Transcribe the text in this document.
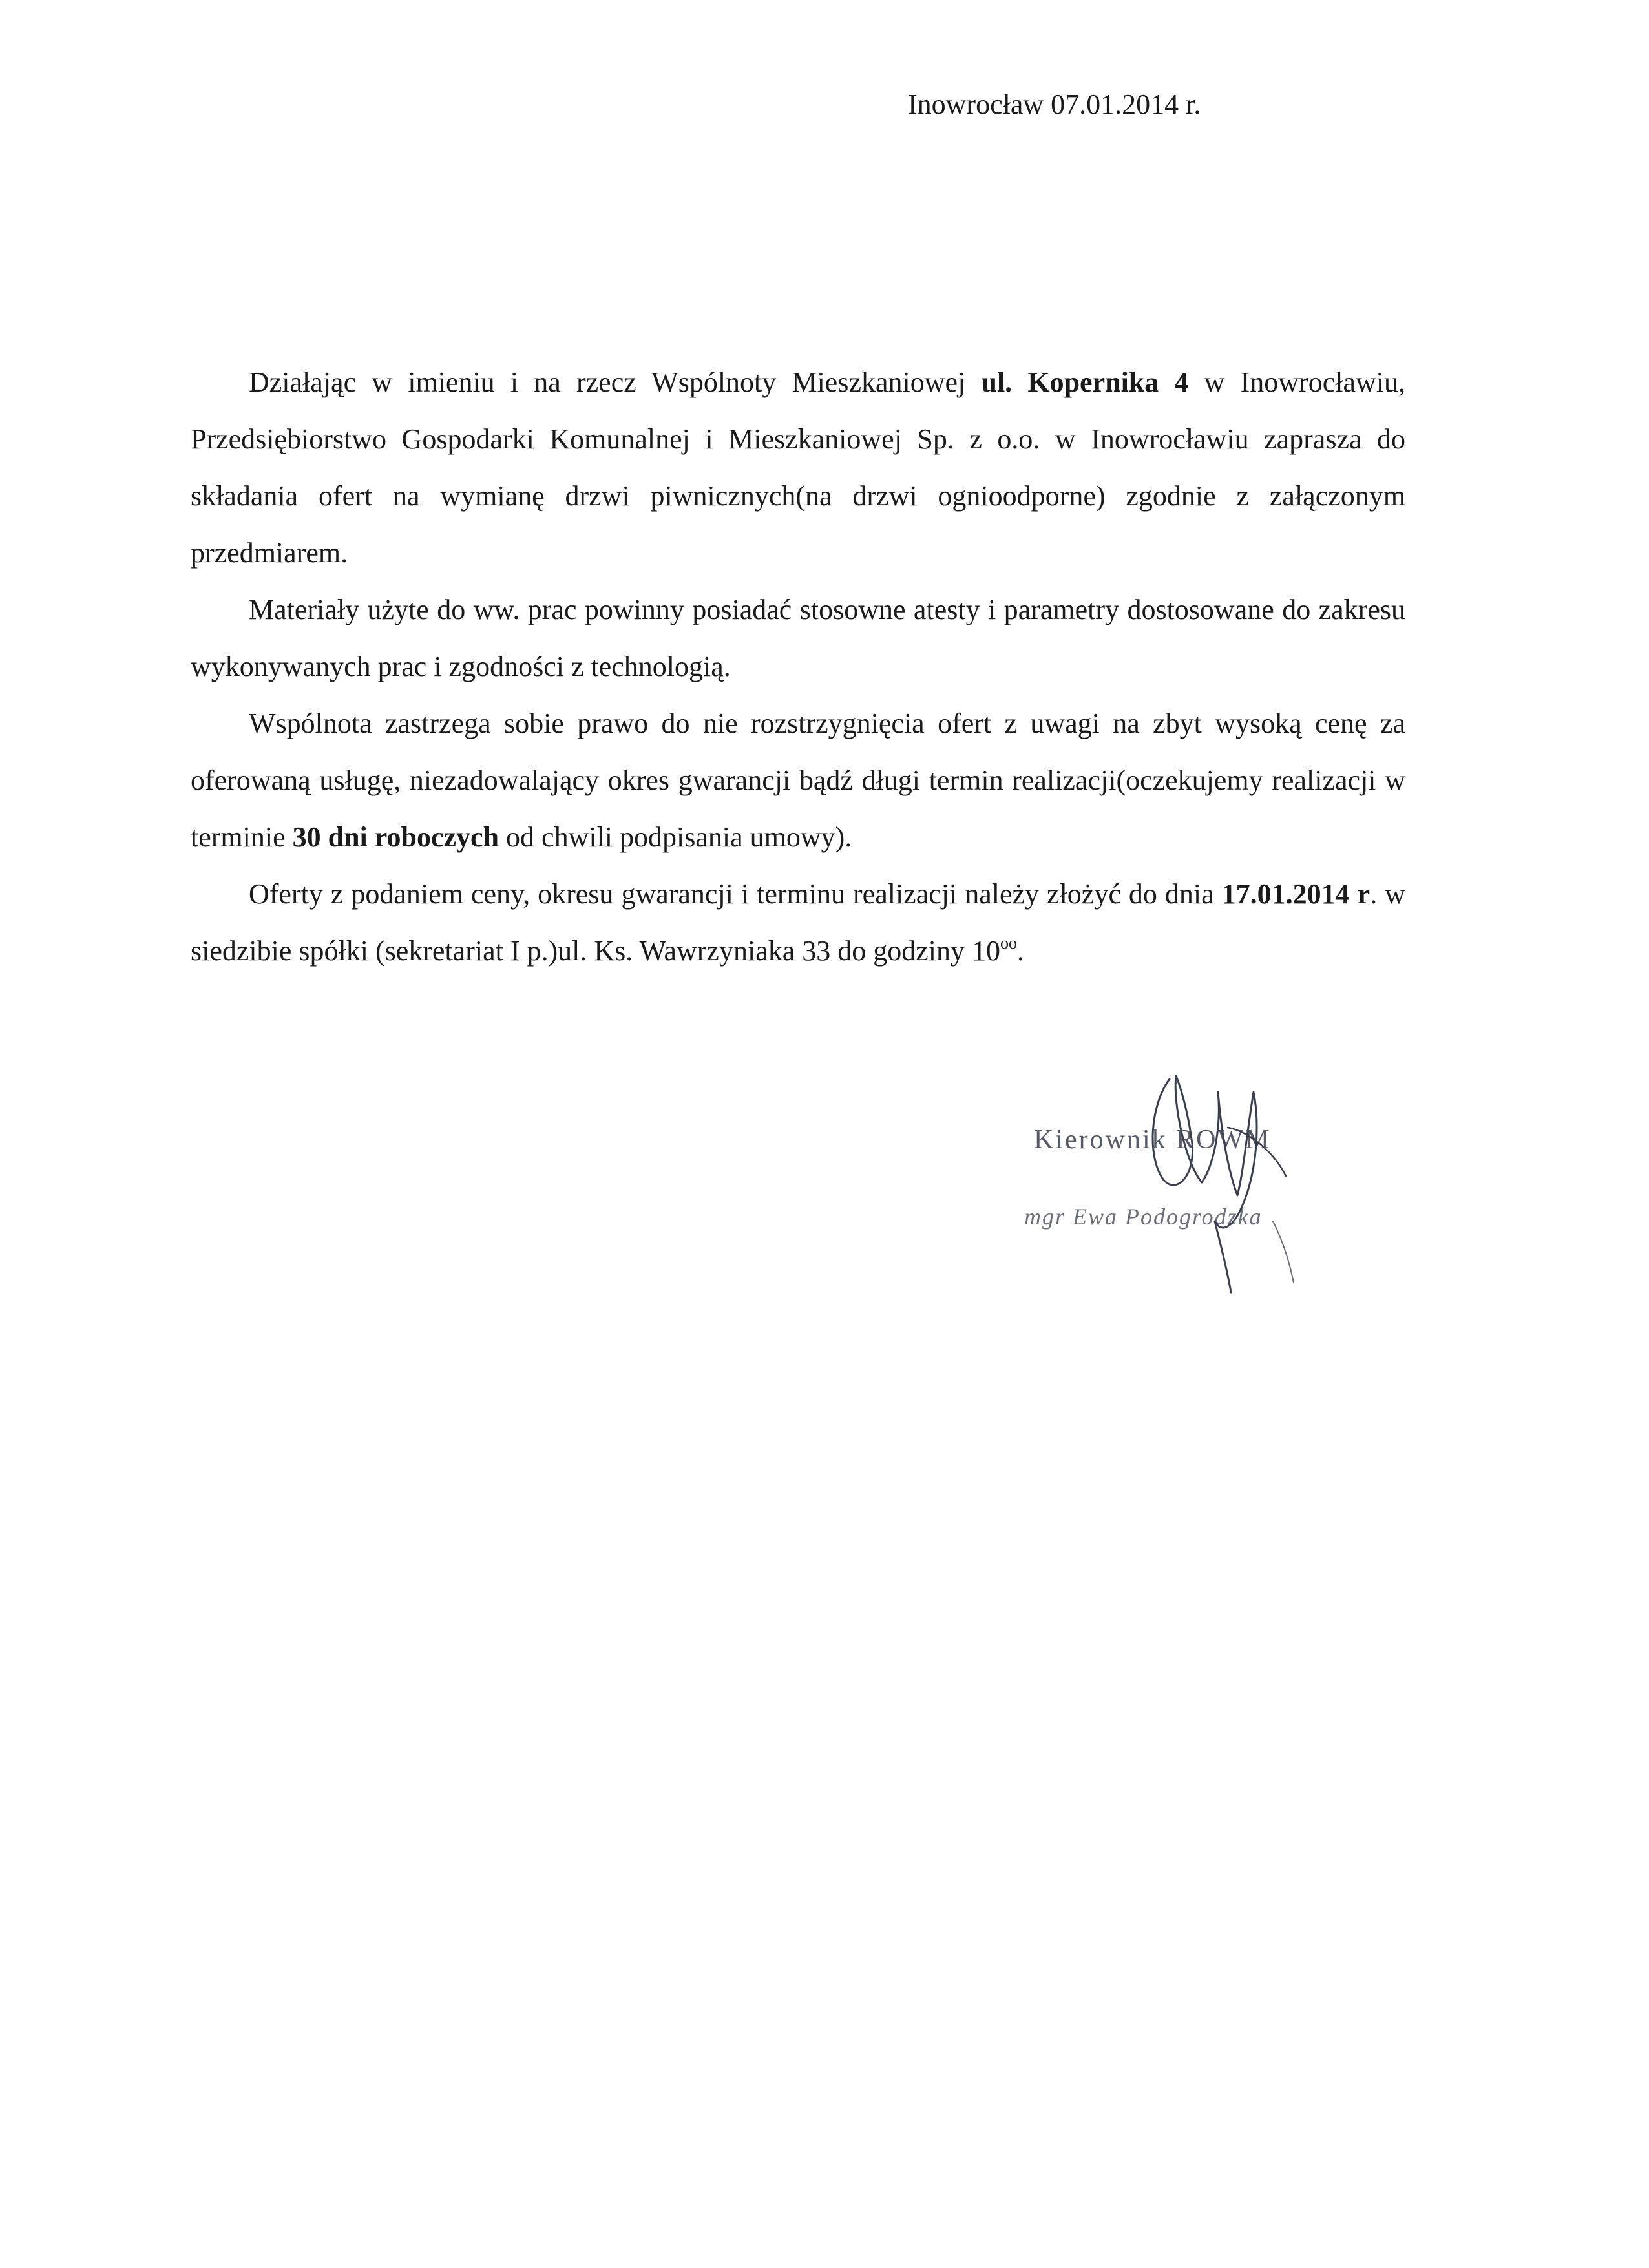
Inowrocław 07.01.2014 r.

Działając w imieniu i na rzecz Wspólnoty Mieszkaniowej ul. Kopernika 4 w Inowrocławiu, Przedsiębiorstwo Gospodarki Komunalnej i Mieszkaniowej Sp. z o.o. w Inowrocławiu zaprasza do składania ofert na wymianę drzwi piwnicznych(na drzwi ognioodporne) zgodnie z załączonym przedmiarem.

Materiały użyte do ww. prac powinny posiadać stosowne atesty i parametry dostosowane do zakresu wykonywanych prac i zgodności z technologią.

Wspólnota zastrzega sobie prawo do nie rozstrzygnięcia ofert z uwagi na zbyt wysoką cenę za oferowaną usługę, niezadowalający okres gwarancji bądź długi termin realizacji(oczekujemy realizacji w terminie 30 dni roboczych od chwili podpisania umowy).

Oferty z podaniem ceny, okresu gwarancji i terminu realizacji należy złożyć do dnia 17.01.2014 r. w siedzibie spółki (sekretariat I p.)ul. Ks. Wawrzyniaka 33 do godziny $10^{oo}$.

Kierownik ROWM
mgr Ewa Podogrodzka
